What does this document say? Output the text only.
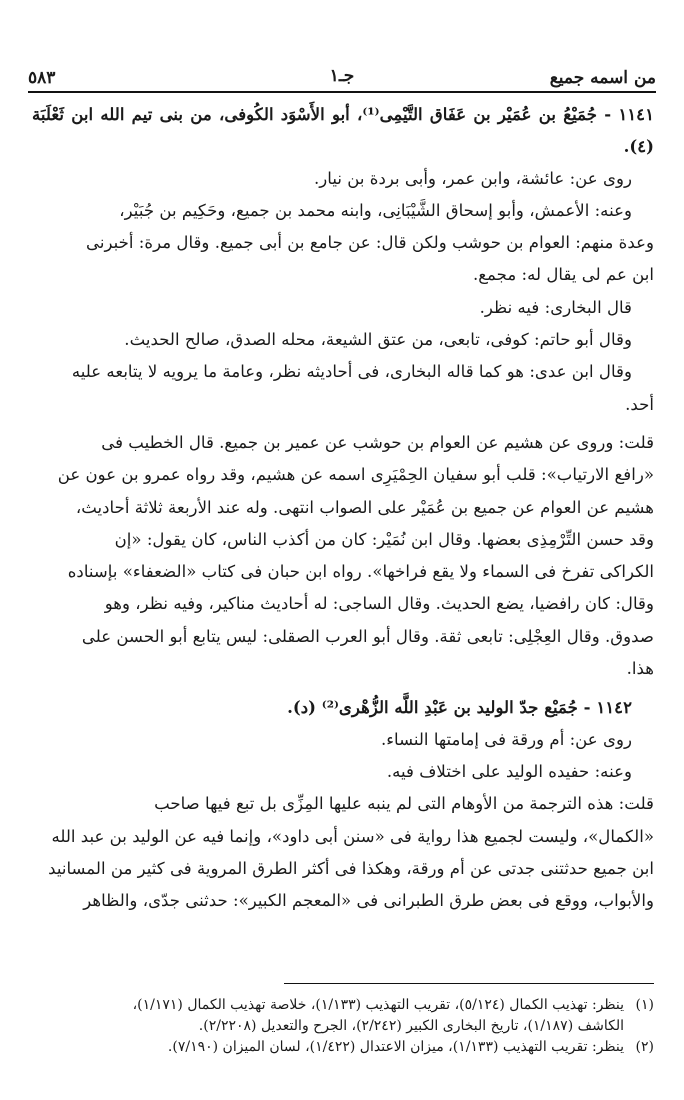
من اسمه جميع
جـ١
٥٨٣

١١٤١ - جُمَيْعُ بن عُمَيْر بن عَفَاق التَّيْمِى⁽¹⁾، أبو الأَسْوَد الكُوفى، من بنى تيم الله ابن ثَعْلَبَة (٤).

روى عن: عائشة، وابن عمر، وأبى بردة بن نيار.

وعنه: الأعمش، وأبو إسحاق الشَّيْبَانِى، وابنه محمد بن جميع، وحَكِيم بن جُبَيْر،

وعدة منهم: العوام بن حوشب ولكن قال: عن جامع بن أبى جميع. وقال مرة: أخبرنى

ابن عم لى يقال له: مجمع.

قال البخارى: فيه نظر.

وقال أبو حاتم: كوفى، تابعى، من عتق الشيعة، محله الصدق، صالح الحديث.

وقال ابن عدى: هو كما قاله البخارى، فى أحاديثه نظر، وعامة ما يرويه لا يتابعه عليه

أحد.

قلت: وروى عن هشيم عن العوام بن حوشب عن عمير بن جميع. قال الخطيب فى

«رافع الارتياب»: قلب أبو سفيان الحِمْيَرِى اسمه عن هشيم، وقد رواه عمرو بن عون عن

هشيم عن العوام عن جميع بن عُمَيْر على الصواب انتهى. وله عند الأربعة ثلاثة أحاديث،

وقد حسن التِّرْمِذِى بعضها. وقال ابن نُمَيْر: كان من أكذب الناس، كان يقول: «إن

الكراكى تفرخ فى السماء ولا يقع فراخها». رواه ابن حبان فى كتاب «الضعفاء» بإسناده

وقال: كان رافضيا، يضع الحديث. وقال الساجى: له أحاديث مناكير، وفيه نظر، وهو

صدوق. وقال العِجْلِى: تابعى ثقة. وقال أبو العرب الصقلى: ليس يتابع أبو الحسن على

هذا.

١١٤٢ - جُمَيْع جدّ الوليد بن عَبْدِ اللَّه الزُّهْرى⁽²⁾ (د).

روى عن: أم ورقة فى إمامتها النساء.

وعنه: حفيده الوليد على اختلاف فيه.

قلت: هذه الترجمة من الأوهام التى لم ينبه عليها المِزِّى بل تبع فيها صاحب

«الكمال»، وليست لجميع هذا رواية فى «سنن أبى داود»، وإنما فيه عن الوليد بن عبد الله

ابن جميع حدثتنى جدتى عن أم ورقة، وهكذا فى أكثر الطرق المروية فى كثير من المسانيد

والأبواب، ووقع فى بعض طرق الطبرانى فى «المعجم الكبير»: حدثنى جدّى، والظاهر

(١)ينظر: تهذيب الكمال (٥/١٢٤)، تقريب التهذيب (١/١٣٣)، خلاصة تهذيب الكمال (١/١٧١)،

الكاشف (١/١٨٧)، تاريخ البخارى الكبير (٢/٢٤٢)، الجرح والتعديل (٢/٢٢٠٨).

(٢)ينظر: تقريب التهذيب (١/١٣٣)، ميزان الاعتدال (١/٤٢٢)، لسان الميزان (٧/١٩٠).
